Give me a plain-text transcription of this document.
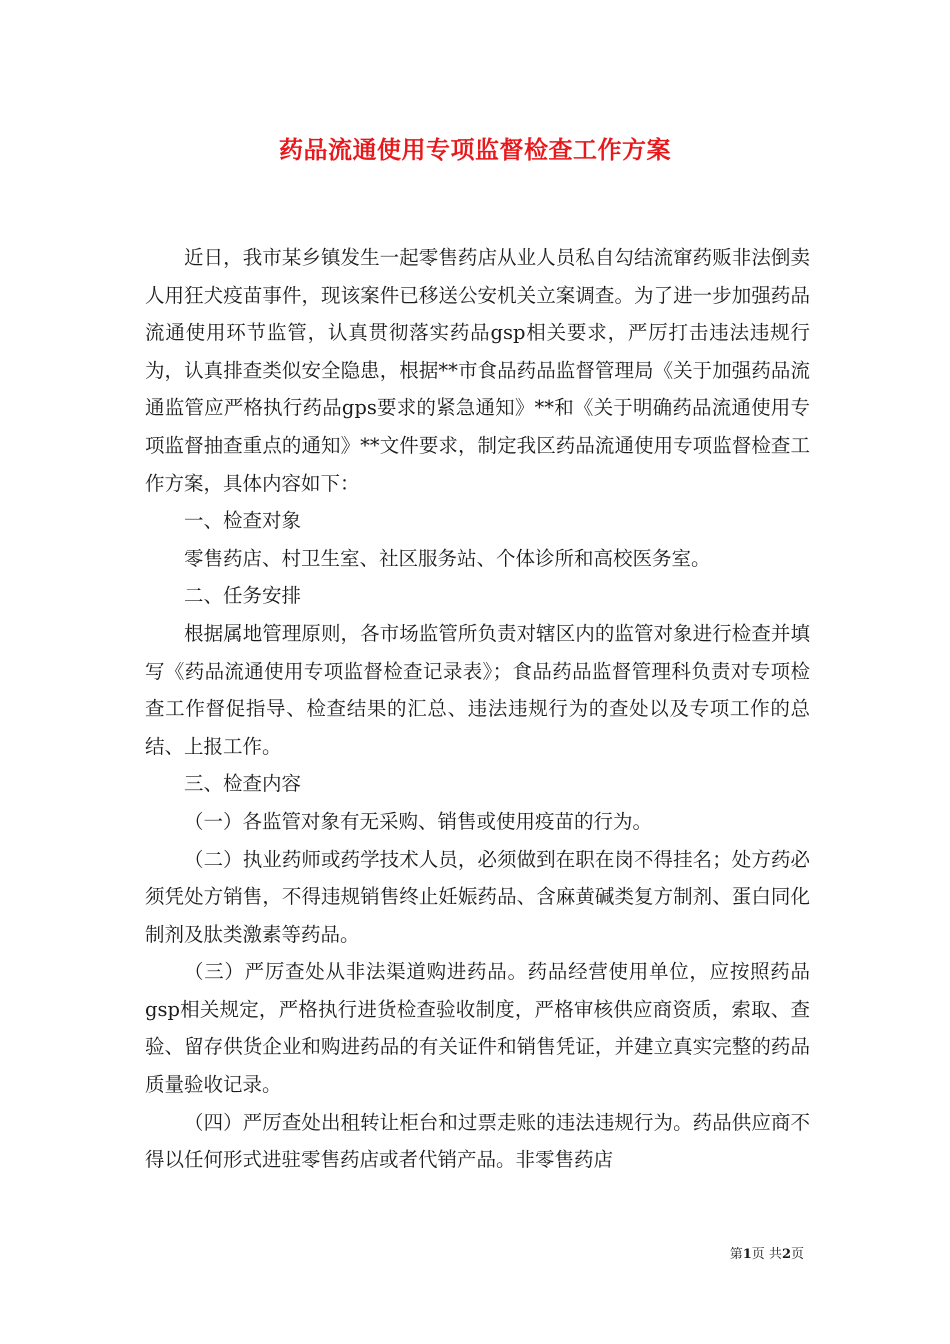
药品流通使用专项监督检查工作方案

近日，我市某乡镇发生一起零售药店从业人员私自勾结流窜药贩非法倒卖人用狂犬疫苗事件，现该案件已移送公安机关立案调查。为了进一步加强药品流通使用环节监管，认真贯彻落实药品gsp相关要求，严厉打击违法违规行为，认真排查类似安全隐患，根据**市食品药品监督管理局《关于加强药品流通监管应严格执行药品gps要求的紧急通知》**和《关于明确药品流通使用专项监督抽查重点的通知》**文件要求，制定我区药品流通使用专项监督检查工作方案，具体内容如下：

一、检查对象

零售药店、村卫生室、社区服务站、个体诊所和高校医务室。

二、任务安排

根据属地管理原则，各市场监管所负责对辖区内的监管对象进行检查并填写《药品流通使用专项监督检查记录表》；食品药品监督管理科负责对专项检查工作督促指导、检查结果的汇总、违法违规行为的查处以及专项工作的总结、上报工作。

三、检查内容

（一）各监管对象有无采购、销售或使用疫苗的行为。

（二）执业药师或药学技术人员，必须做到在职在岗不得挂名；处方药必须凭处方销售，不得违规销售终止妊娠药品、含麻黄碱类复方制剂、蛋白同化制剂及肽类激素等药品。

（三）严厉查处从非法渠道购进药品。药品经营使用单位，应按照药品gsp相关规定，严格执行进货检查验收制度，严格审核供应商资质，索取、查验、留存供货企业和购进药品的有关证件和销售凭证，并建立真实完整的药品质量验收记录。

（四）严厉查处出租转让柜台和过票走账的违法违规行为。药品供应商不得以任何形式进驻零售药店或者代销产品。非零售药店

第1页 共2页
